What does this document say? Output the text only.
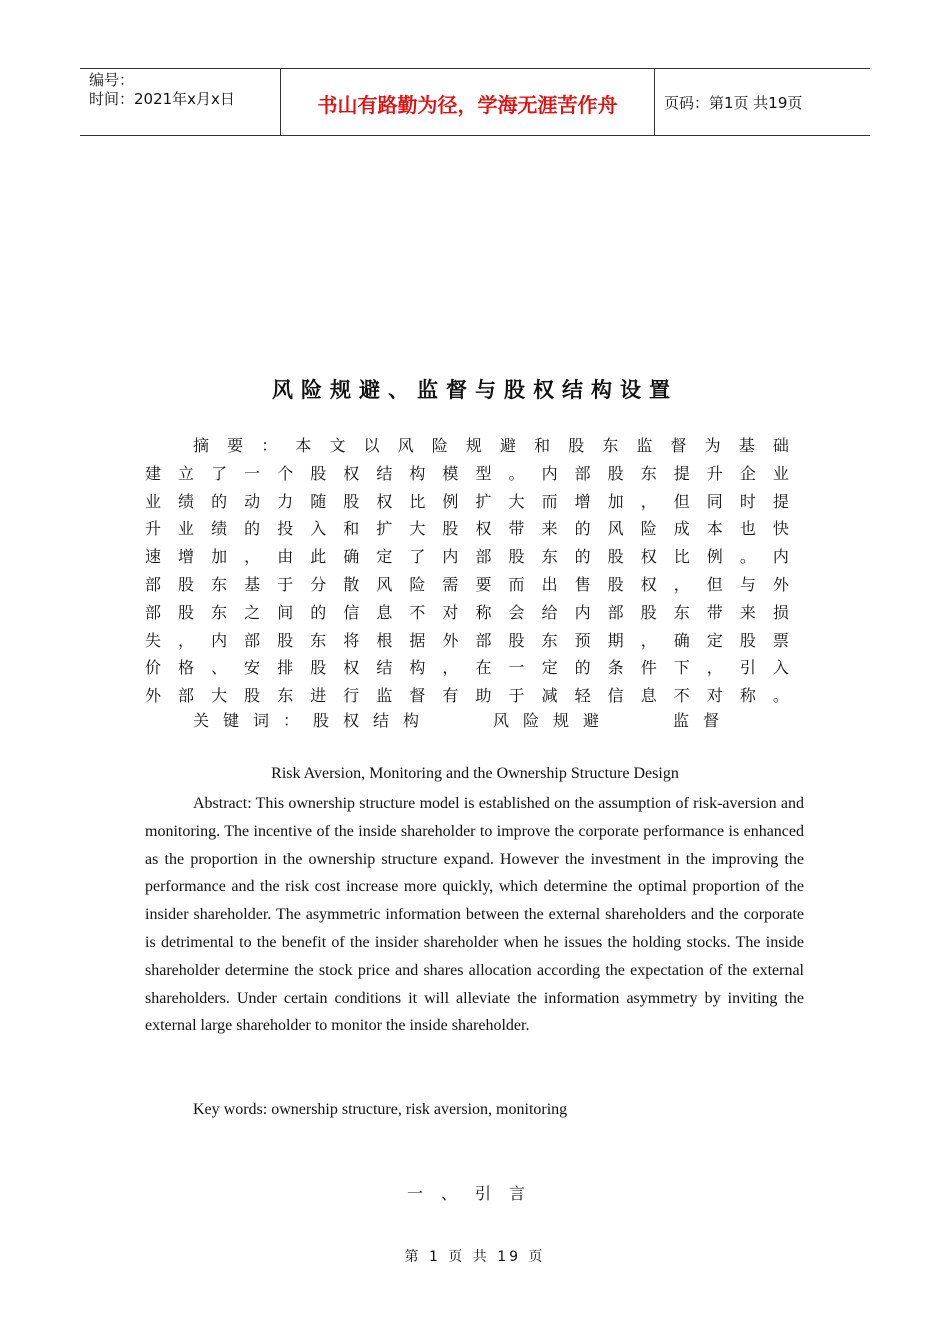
编号：
时间：2021年x月x日	书山有路勤为径，学海无涯苦作舟	页码：第1页 共19页
风险规避、监督与股权结构设置
摘 要 ： 本 文 以 风 险 规 避 和 股 东 监 督 为 基 础
建 立 了 一 个 股 权 结 构 模 型 。 内 部 股 东 提 升 企 业
业 绩 的 动 力 随 股 权 比 例 扩 大 而 增 加 ， 但 同 时 提
升 业 绩 的 投 入 和 扩 大 股 权 带 来 的 风 险 成 本 也 快
速 增 加 ， 由 此 确 定 了 内 部 股 东 的 股 权 比 例 。 内
部 股 东 基 于 分 散 风 险 需 要 而 出 售 股 权 ， 但 与 外
部 股 东 之 间 的 信 息 不 对 称 会 给 内 部 股 东 带 来 损
失 ， 内 部 股 东 将 根 据 外 部 股 东 预 期 ， 确 定 股 票
价 格 、 安 排 股 权 结 构 ， 在 一 定 的 条 件 下 ， 引 入
外 部 大 股 东 进 行 监 督 有 助 于 减 轻 信 息 不 对 称 。
关键词：股权结构	风险规避	监督
Risk Aversion, Monitoring and the Ownership Structure Design

Abstract: This ownership structure model is established on the assumption of risk-aversion and monitoring. The incentive of the inside shareholder to improve the corporate performance is enhanced as the proportion in the ownership structure expand. However the investment in the improving the performance and the risk cost increase more quickly, which determine the optimal proportion of the insider shareholder. The asymmetric information between the external shareholders and the corporate is detrimental to the benefit of the insider shareholder when he issues the holding stocks. The inside shareholder determine the stock price and shares allocation according the expectation of the external shareholders. Under certain conditions it will alleviate the information asymmetry by inviting the external large shareholder to monitor the inside shareholder.

Key words: ownership structure, risk aversion, monitoring
一、引言
第 1 页 共 19 页
